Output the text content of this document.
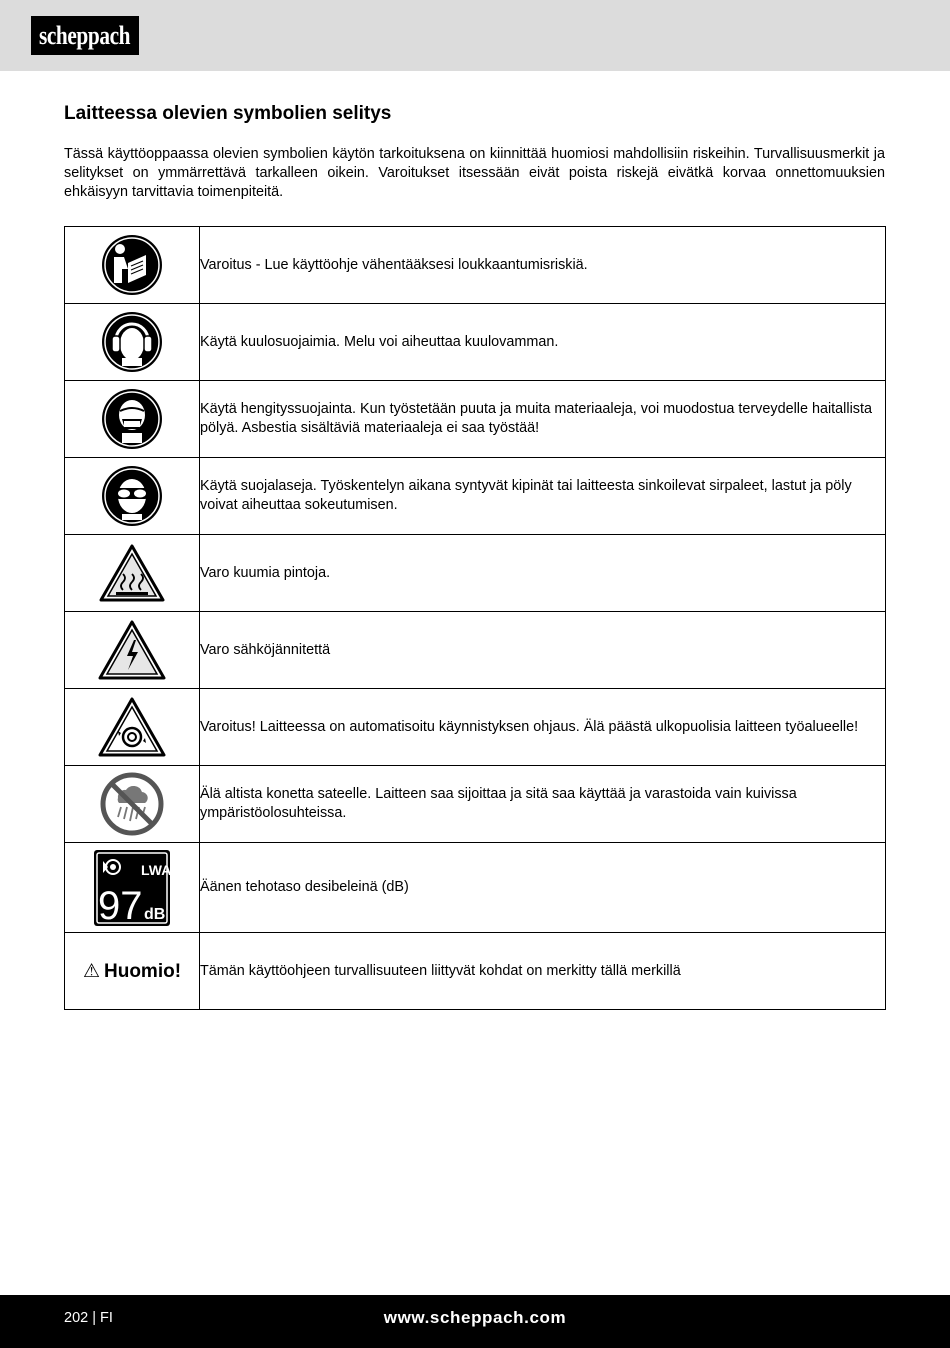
scheppach
Laitteessa olevien symbolien selitys

Tässä käyttöoppaassa olevien symbolien käytön tarkoituksena on kiinnittää huomiosi mahdollisiin riskeihin. Turvallisuusmerkit ja selitykset on ymmärrettävä tarkalleen oikein. Varoitukset itsessään eivät poista riskejä eivätkä korvaa onnettomuuksien ehkäisyyn tarvittavia toimenpiteitä.

	Varoitus - Lue käyttöohje vähentääksesi loukkaantumisriskiä.

	Käytä kuulosuojaimia. Melu voi aiheuttaa kuulovamman.

	Käytä hengityssuojainta. Kun työstetään puuta ja muita materiaaleja, voi muodostua terveydelle haitallista pölyä. Asbestia sisältäviä materiaaleja ei saa työstää!

	Käytä suojalaseja. Työskentelyn aikana syntyvät kipinät tai laitteesta sinkoilevat sirpaleet, lastut ja pöly voivat aiheuttaa sokeutumisen.

	Varo kuumia pintoja.

	Varo sähköjännitettä

	Varoitus! Laitteessa on automatisoitu käynnistyksen ohjaus. Älä päästä ulkopuolisia laitteen työalueelle!

	Älä altista konetta sateelle. Laitteen saa sijoittaa ja sitä saa käyttää ja varastoida vain kuivissa ympäristöolosuhteissa.

LWA
97 dB	Äänen tehotaso desibeleinä (dB)
⚠ Huomio!	Tämän käyttöohjeen turvallisuuteen liittyvät kohdat on merkitty tällä merkillä
202 | FI	www.scheppach.com
